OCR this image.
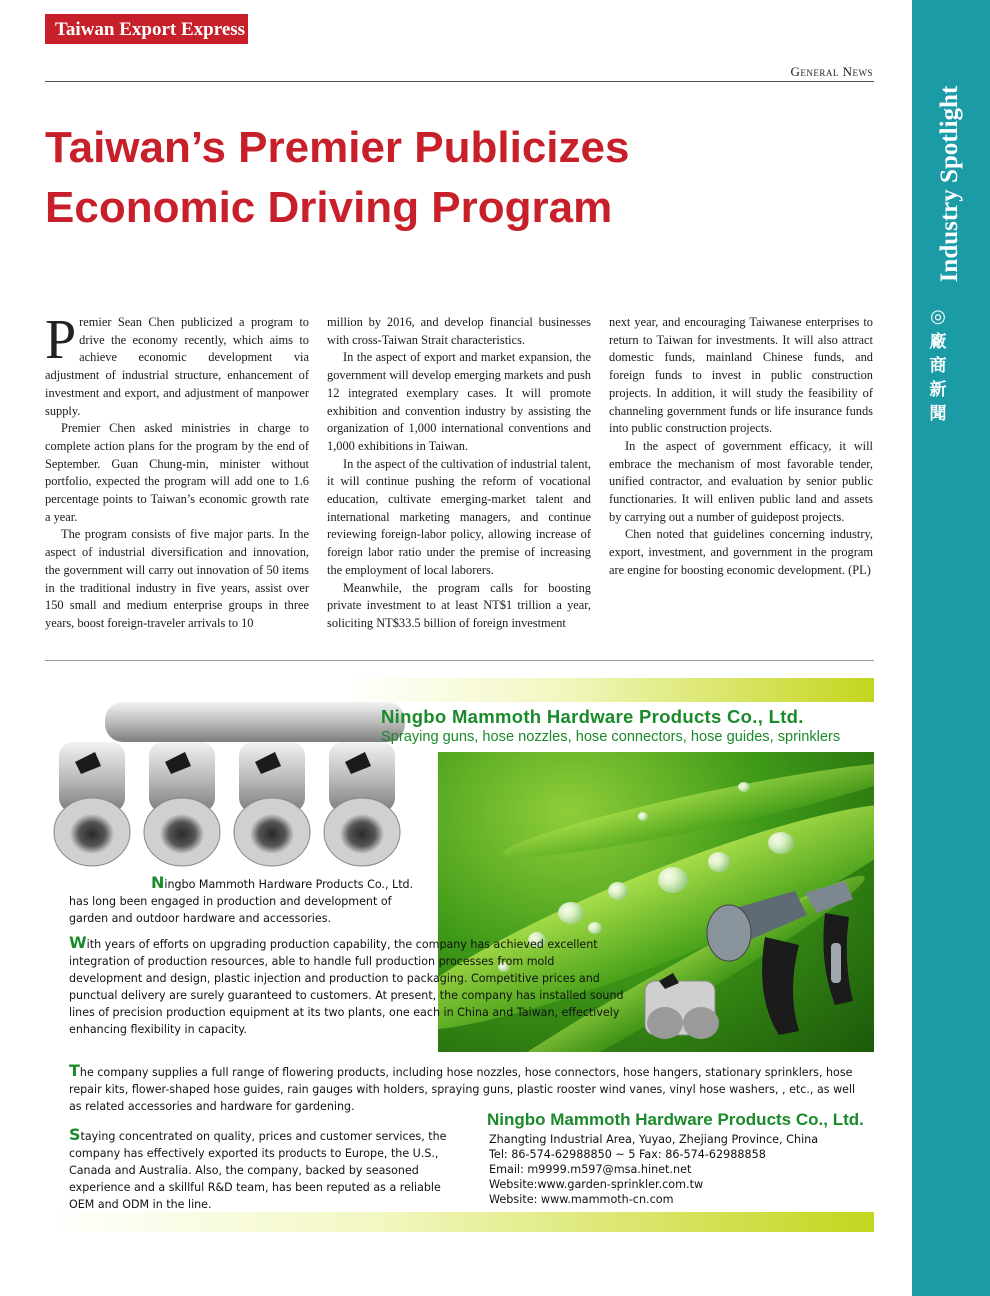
Taiwan Export Express
Industry Spotlight
◎
廠
商
新
聞
General News
Taiwan’s Premier Publicizes
Economic Driving Program

Premier Sean Chen publicized a program to drive the economy recently, which aims to achieve economic development via adjustment of industrial structure, enhancement of investment and export, and adjustment of manpower supply.

Premier Chen asked ministries in charge to complete action plans for the program by the end of September. Guan Chung-min, minister without portfolio, expected the program will add one to 1.6 percentage points to Taiwan’s economic growth rate a year.

The program consists of five major parts. In the aspect of industrial diversification and innovation, the government will carry out innovation of 50 items in the traditional industry in five years, assist over 150 small and medium enterprise groups in three years, boost foreign-traveler arrivals to 10

million by 2016, and develop financial businesses with cross-Taiwan Strait characteristics.

In the aspect of export and market expansion, the government will develop emerging markets and push 12 integrated exemplary cases. It will promote exhibition and convention industry by assisting the organization of 1,000 international conventions and 1,000 exhibitions in Taiwan.

In the aspect of the cultivation of industrial talent, it will continue pushing the reform of vocational education, cultivate emerging-market talent and international marketing managers, and continue reviewing foreign-labor policy, allowing increase of foreign labor ratio under the premise of increasing the employment of local laborers.

Meanwhile, the program calls for boosting private investment to at least NT$1 trillion a year, soliciting NT$33.5 billion of foreign investment

next year, and encouraging Taiwanese enterprises to return to Taiwan for investments. It will also attract domestic funds, mainland Chinese funds, and foreign funds to invest in public construction projects. In addition, it will study the feasibility of channeling government funds or life insurance funds into public construction projects.

In the aspect of government efficacy, it will embrace the mechanism of most favorable tender, unified contractor, and evaluation by senior public functionaries. It will enliven public land and assets by carrying out a number of guidepost projects.

Chen noted that guidelines concerning industry, export, investment, and government in the program are engine for boosting economic development. (PL)

Ningbo Mammoth Hardware Products Co., Ltd.
Spraying guns, hose nozzles, hose connectors, hose guides, sprinklers

Ningbo Mammoth Hardware Products Co., Ltd. has long been engaged in production and development of garden and outdoor hardware and accessories.

With years of efforts on upgrading production capability, the company has achieved excellent integration of production resources, able to handle full production processes from mold development and design, plastic injection and production to packaging. Competitive prices and punctual delivery are surely guaranteed to customers. At present, the company has installed sound lines of precision production equipment at its two plants, one each in China and Taiwan, effectively enhancing flexibility in capacity.

The company supplies a full range of flowering products, including hose nozzles, hose connectors, hose hangers, stationary sprinklers, hose repair kits, flower-shaped hose guides, rain gauges with holders, spraying guns, plastic rooster wind vanes, vinyl hose washers, , etc., as well as related accessories and hardware for gardening.

Staying concentrated on quality, prices and customer services, the company has effectively exported its products to Europe, the U.S., Canada and Australia. Also, the company, backed by seasoned experience and a skillful R&D team, has been reputed as a reliable OEM and ODM in the line.

Ningbo Mammoth Hardware Products Co., Ltd.
Zhangting Industrial Area, Yuyao, Zhejiang Province, China
Tel: 86-574-62988850 ~ 5 Fax: 86-574-62988858
Email: m9999.m597@msa.hinet.net
Website:www.garden-sprinkler.com.tw
Website: www.mammoth-cn.com
